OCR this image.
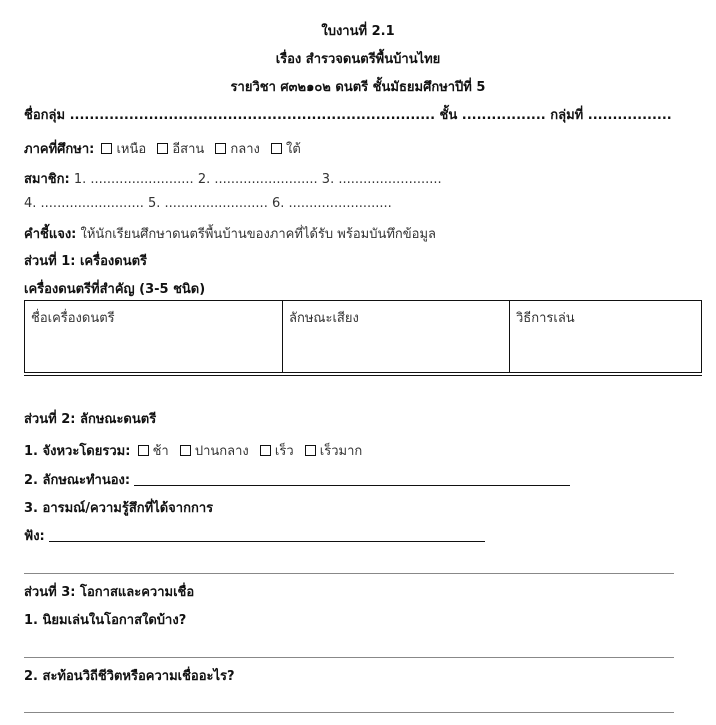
ใบงานที่ 2.1
เรื่อง สำรวจดนตรีพื้นบ้านไทย
รายวิชา ศ๓๒๑๐๒ ดนตรี ชั้นมัธยมศึกษาปีที่ 5
ชื่อกลุ่ม .......................................................................... ชั้น ................. กลุ่มที่ .................
ภาคที่ศึกษา: เหนือ อีสาน กลาง ใต้
สมาชิก: 1. ......................... 2. ......................... 3. .........................
4. ......................... 5. ......................... 6. .........................
คำชี้แจง: ให้นักเรียนศึกษาดนตรีพื้นบ้านของภาคที่ได้รับ พร้อมบันทึกข้อมูล
ส่วนที่ 1: เครื่องดนตรี
เครื่องดนตรีที่สำคัญ (3-5 ชนิด)
ชื่อเครื่องดนตรี	ลักษณะเสียง	วิธีการเล่น
ส่วนที่ 2: ลักษณะดนตรี
1. จังหวะโดยรวม: ช้า ปานกลาง เร็ว เร็วมาก
2. ลักษณะทำนอง:
3. อารมณ์/ความรู้สึกที่ได้จากการ
ฟัง:
ส่วนที่ 3: โอกาสและความเชื่อ
1. นิยมเล่นในโอกาสใดบ้าง?
2. สะท้อนวิถีชีวิตหรือความเชื่ออะไร?
